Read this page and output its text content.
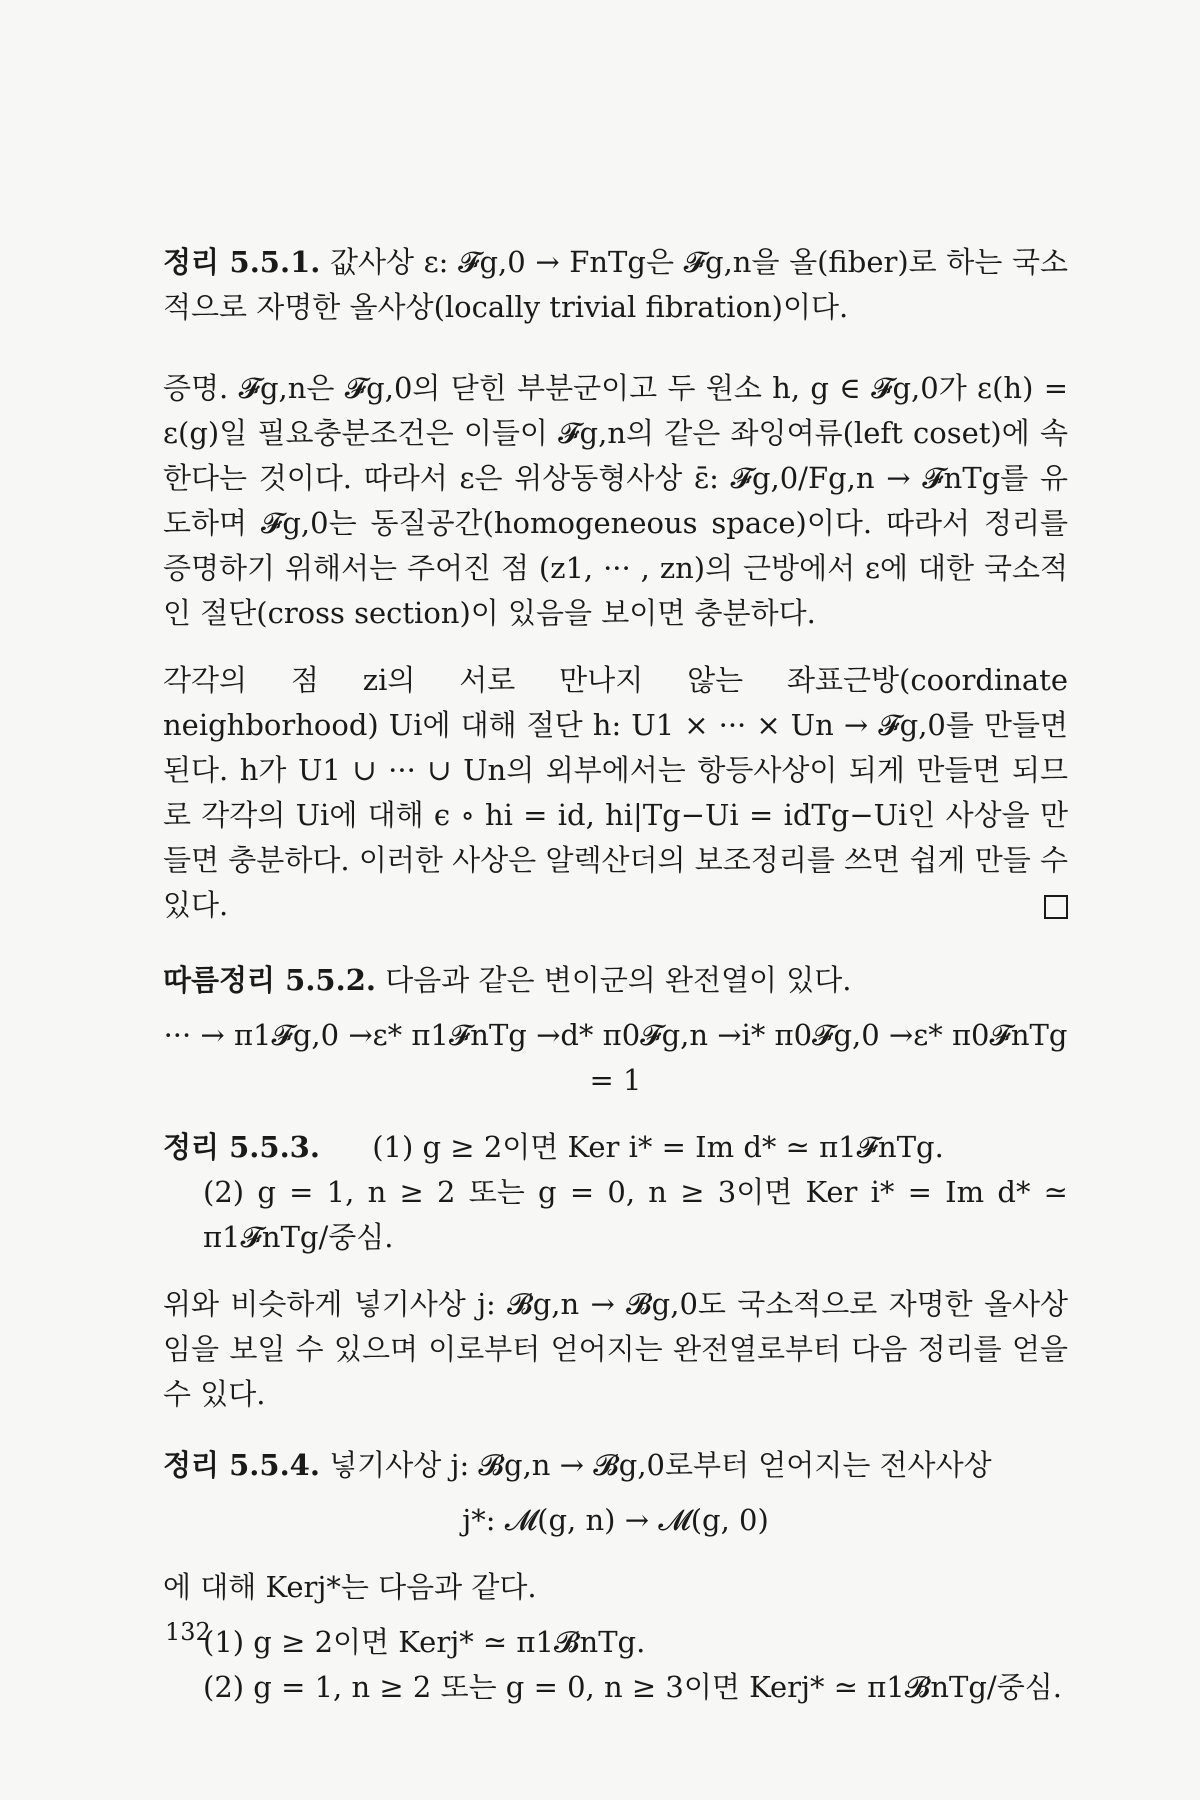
정리 5.5.1. 값사상 ε: 𝓕g,0 → FnTg은 𝓕g,n을 올(fiber)로 하는 국소적으로 자명한 올사상(locally trivial fibration)이다.

증명. 𝓕g,n은 𝓕g,0의 닫힌 부분군이고 두 원소 h, g ∈ 𝓕g,0가 ε(h) = ε(g)일 필요충분조건은 이들이 𝓕g,n의 같은 좌잉여류(left coset)에 속한다는 것이다. 따라서 ε은 위상동형사상 ε̄: 𝓕g,0/Fg,n → 𝓕nTg를 유도하며 𝓕g,0는 동질공간(homogeneous space)이다. 따라서 정리를 증명하기 위해서는 주어진 점 (z1, ··· , zn)의 근방에서 ε에 대한 국소적인 절단(cross section)이 있음을 보이면 충분하다.

각각의 점 zi의 서로 만나지 않는 좌표근방(coordinate neighborhood) Ui에 대해 절단 h: U1 × ··· × Un → 𝓕g,0를 만들면 된다. h가 U1 ∪ ··· ∪ Un의 외부에서는 항등사상이 되게 만들면 되므로 각각의 Ui에 대해 ϵ ∘ hi = id, hi|Tg−Ui = idTg−Ui인 사상을 만들면 충분하다. 이러한 사상은 알렉산더의 보조정리를 쓰면 쉽게 만들 수 있다.

따름정리 5.5.2. 다음과 같은 변이군의 완전열이 있다.

··· → π1𝓕g,0 →ε* π1𝓕nTg →d* π0𝓕g,n →i* π0𝓕g,0 →ε* π0𝓕nTg = 1

정리 5.5.3. (1) g ≥ 2이면 Ker i* = Im d* ≃ π1𝓕nTg.
(2) g = 1, n ≥ 2 또는 g = 0, n ≥ 3이면 Ker i* = Im d* ≃ π1𝓕nTg/중심.

위와 비슷하게 넣기사상 j: 𝓑g,n → 𝓑g,0도 국소적으로 자명한 올사상임을 보일 수 있으며 이로부터 얻어지는 완전열로부터 다음 정리를 얻을 수 있다.

정리 5.5.4. 넣기사상 j: 𝓑g,n → 𝓑g,0로부터 얻어지는 전사사상

j*: 𝓜(g, n) → 𝓜(g, 0)

에 대해 Kerj*는 다음과 같다.

(1) g ≥ 2이면 Kerj* ≃ π1𝓑nTg.
(2) g = 1, n ≥ 2 또는 g = 0, n ≥ 3이면 Kerj* ≃ π1𝓑nTg/중심.
132
